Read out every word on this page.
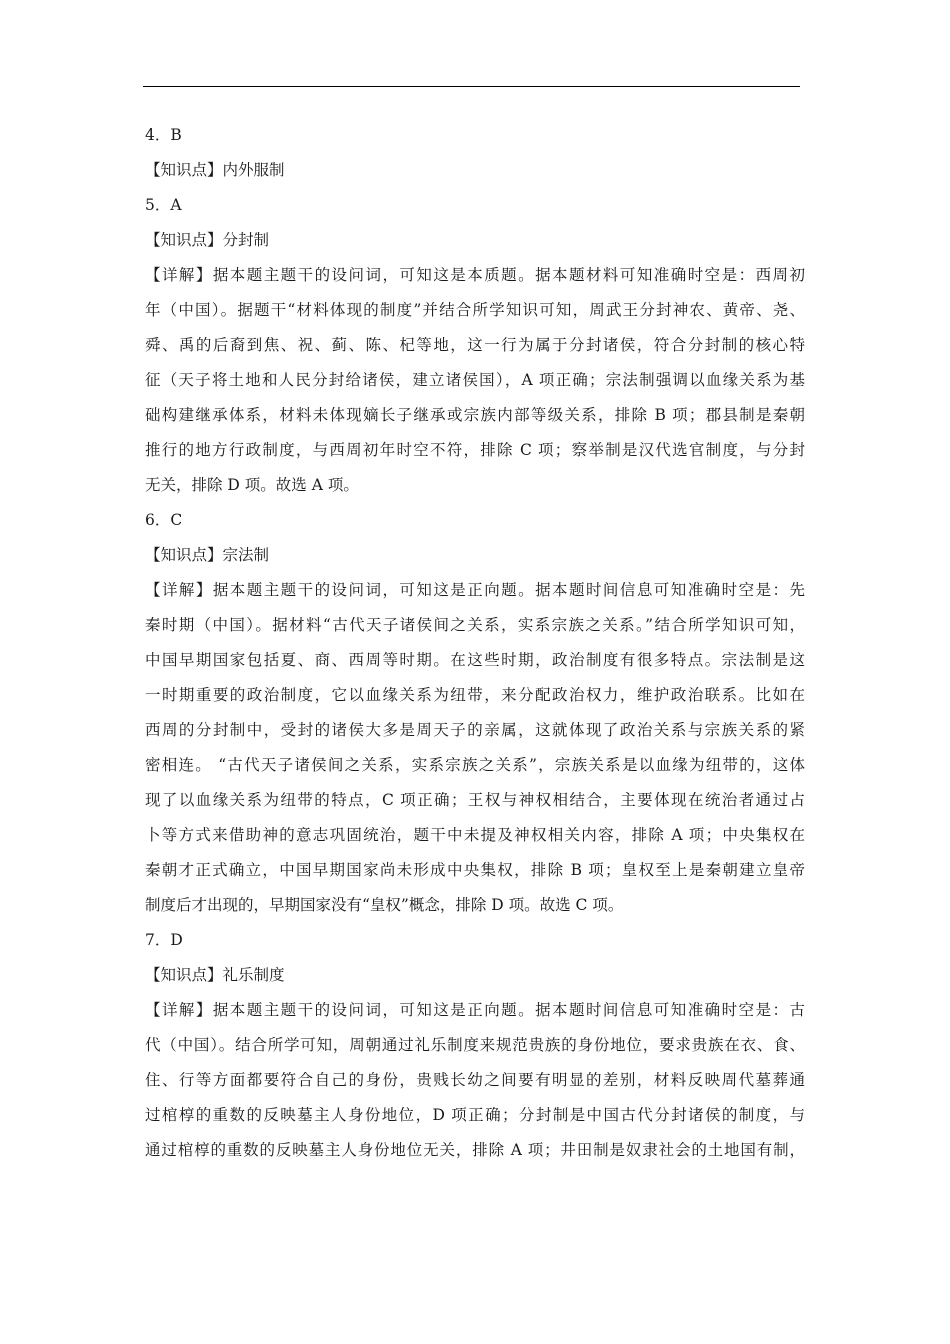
4．B
【知识点】内外服制
5．A
【知识点】分封制
【详解】据本题主题干的设问词，可知这是本质题。据本题材料可知准确时空是：西周初
年（中国）。据题干“材料体现的制度”并结合所学知识可知，周武王分封神农、黄帝、尧、
舜、禹的后裔到焦、祝、蓟、陈、杞等地，这一行为属于分封诸侯，符合分封制的核心特
征（天子将土地和人民分封给诸侯，建立诸侯国），A 项正确；宗法制强调以血缘关系为基
础构建继承体系，材料未体现嫡长子继承或宗族内部等级关系，排除 B 项；郡县制是秦朝
推行的地方行政制度，与西周初年时空不符，排除 C 项；察举制是汉代选官制度，与分封
无关，排除 D 项。故选 A 项。
6．C
【知识点】宗法制
【详解】据本题主题干的设问词，可知这是正向题。据本题时间信息可知准确时空是：先
秦时期（中国）。据材料“古代天子诸侯间之关系，实系宗族之关系。”结合所学知识可知，
中国早期国家包括夏、商、西周等时期。在这些时期，政治制度有很多特点。宗法制是这
一时期重要的政治制度，它以血缘关系为纽带，来分配政治权力，维护政治联系。比如在
西周的分封制中，受封的诸侯大多是周天子的亲属，这就体现了政治关系与宗族关系的紧
密相连。 “古代天子诸侯间之关系，实系宗族之关系”，宗族关系是以血缘为纽带的，这体
现了以血缘关系为纽带的特点，C 项正确；王权与神权相结合，主要体现在统治者通过占
卜等方式来借助神的意志巩固统治，题干中未提及神权相关内容，排除 A 项；中央集权在
秦朝才正式确立，中国早期国家尚未形成中央集权，排除 B 项；皇权至上是秦朝建立皇帝
制度后才出现的，早期国家没有“皇权”概念，排除 D 项。故选 C 项。
7．D
【知识点】礼乐制度
【详解】据本题主题干的设问词，可知这是正向题。据本题时间信息可知准确时空是：古
代（中国）。结合所学可知，周朝通过礼乐制度来规范贵族的身份地位，要求贵族在衣、食、
住、行等方面都要符合自己的身份，贵贱长幼之间要有明显的差别，材料反映周代墓葬通
过棺椁的重数的反映墓主人身份地位，D 项正确；分封制是中国古代分封诸侯的制度，与
通过棺椁的重数的反映墓主人身份地位无关，排除 A 项；井田制是奴隶社会的土地国有制，
